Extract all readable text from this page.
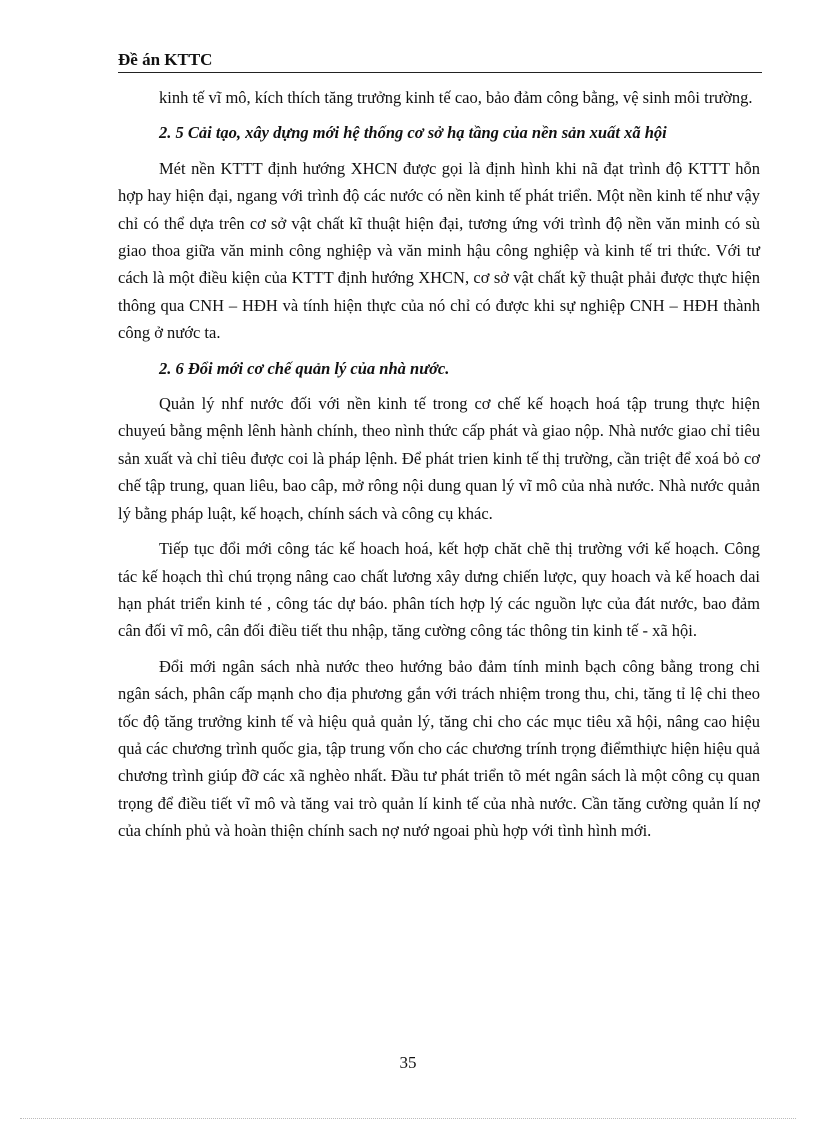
Đề án KTTC

kinh tế vĩ mô, kích thích tăng trưởng kinh tế cao, bảo đảm công bằng, vệ sinh môi trường.

2. 5 Cải tạo, xây dựng mới hệ thống cơ sở hạ tầng của nền sản xuất xã hội

Mét nền KTTT định hướng XHCN được gọi là định hình khi nã đạt trình độ KTTT hỗn hợp hay hiện đại, ngang với trình độ các nước có nền kinh tế phát triển. Một nền kinh tế như vậy chỉ có thể dựa trên cơ sở vật chất kĩ thuật hiện đại, tương ứng với trình độ nền văn minh có sù giao thoa giữa văn minh công nghiệp và văn minh hậu công nghiệp và kinh tế tri thức. Với tư cách là một điều kiện của KTTT định hướng XHCN, cơ sở vật chất kỹ thuật phải được thực hiện thông qua CNH – HĐH và tính hiện thực của nó chỉ có được khi sự nghiệp CNH – HĐH thành công ở nước ta.

2. 6 Đổi mới cơ chế quản lý của nhà nước.

Quản lý nhf nước đối với nền kinh tế trong cơ chế kế hoạch hoá tập trung thực hiện chuyeú bằng mệnh lênh hành chính, theo nình thức cấp phát và giao nộp. Nhà nước giao chỉ tiêu sản xuất và chỉ tiêu được coi là pháp lệnh. Để phát trien kinh tế thị trường, cần triệt để xoá bỏ cơ chế tập trung, quan liêu, bao câp, mở rông nội dung quan lý vĩ mô của nhà nước. Nhà nước quản lý bằng pháp luật, kế hoạch, chính sách và công cụ khác.

Tiếp tục đổi mới công tác kế hoach hoá, kết hợp chăt chẽ thị trường với kế hoạch. Công tác kế hoạch thì chú trọng nâng cao chất lương xây dưng chiến lược, quy hoach và kế hoach dai hạn phát triển kinh té , công tác dự báo. phân tích hợp lý các nguồn lực của đát nước, bao đảm cân đối vĩ mô, cân đối điều tiết thu nhập, tăng cường công tác thông tin kinh tế - xã hội.

Đổi mới ngân sách nhà nước theo hướng bảo đảm tính minh bạch công bằng trong chi ngân sách, phân cấp mạnh cho địa phương gắn với trách nhiệm trong thu, chi, tăng tỉ lệ chi theo tốc độ tăng trưởng kinh tế và hiệu quả quản lý, tăng chi cho các mục tiêu xã hội, nâng cao hiệu quả các chương trình quốc gia, tập trung vốn cho các chương trính trọng điểmthiực hiện hiệu quả chương trình giúp đỡ các xã nghèo nhất. Đầu tư phát triển tõ mét ngân sách là một công cụ quan trọng để điều tiết vĩ mô và tăng vai trò quản lí kinh tế của nhà nước. Cần tăng cường quản lí nợ của chính phủ và hoàn thiện chính sach nợ nướ ngoai phù hợp với tình hình mới.

35
